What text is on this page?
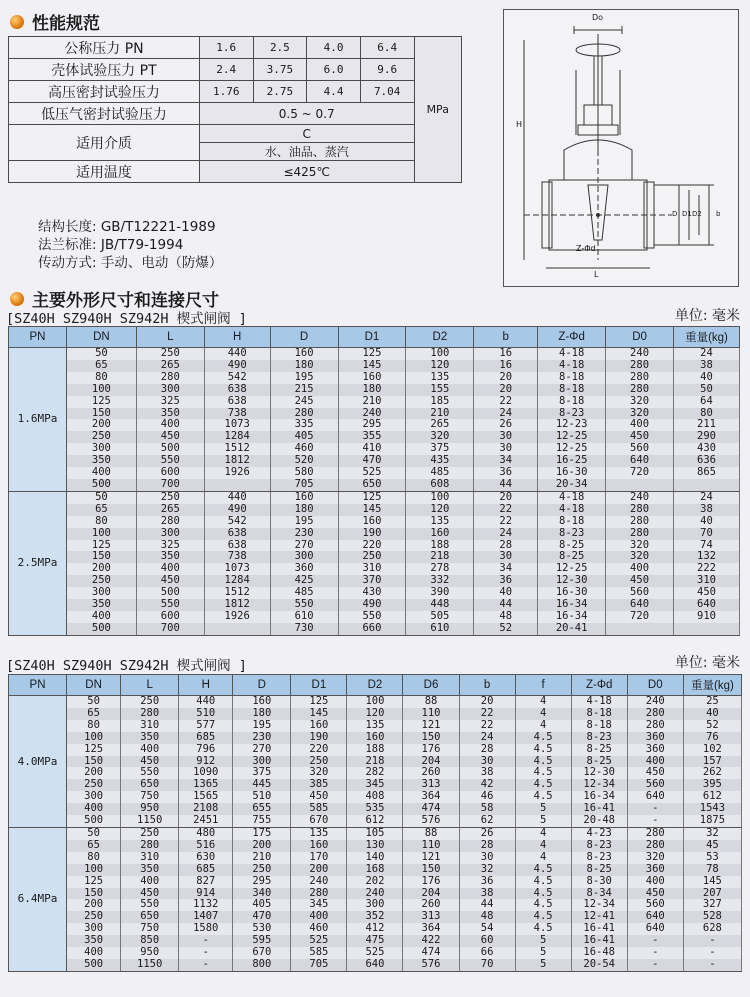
性能规范
公称压力 PN	1.6	2.5	4.0	6.4	MPa
壳体试验压力 PT	2.4	3.75	6.0	9.6	
高压密封试验压力	1.76	2.75	4.4	7.04	
低压气密封试验压力	0.5 ~ 0.7				
适用介质	C				
	水、油品、蒸汽				
适用温度	≤425℃				
结构长度: GB/T12221-1989
法兰标准: JB/T79-1994
传动方式: 手动、电动（防爆）
Do
H
Z-Φd
L
D D1 D2 b
主要外形尺寸和连接尺寸
[SZ40H SZ940H SZ942H 楔式闸阀 ]	单位: 毫米
PN	DN	L	H	D	D1	D2	b	Z-Φd	D0	重量(kg)
1.6MPa	50	250	440	160	125	100	16	4-18	240	24
	65	265	490	180	145	120	16	4-18	280	38
	80	280	542	195	160	135	20	8-18	280	40
	100	300	638	215	180	155	20	8-18	280	50
	125	325	638	245	210	185	22	8-18	320	64
	150	350	738	280	240	210	24	8-23	320	80
	200	400	1073	335	295	265	26	12-23	400	211
	250	450	1284	405	355	320	30	12-25	450	290
	300	500	1512	460	410	375	30	12-25	560	430
	350	550	1812	520	470	435	34	16-25	640	636
	400	600	1926	580	525	485	36	16-30	720	865
	500	700		705	650	608	44	20-34		
2.5MPa	50	250	440	160	125	100	20	4-18	240	24
	65	265	490	180	145	120	22	4-18	280	38
	80	280	542	195	160	135	22	8-18	280	40
	100	300	638	230	190	160	24	8-23	280	70
	125	325	638	270	220	188	28	8-25	320	74
	150	350	738	300	250	218	30	8-25	320	132
	200	400	1073	360	310	278	34	12-25	400	222
	250	450	1284	425	370	332	36	12-30	450	310
	300	500	1512	485	430	390	40	16-30	560	450
	350	550	1812	550	490	448	44	16-34	640	640
	400	600	1926	610	550	505	48	16-34	720	910
	500	700		730	660	610	52	20-41		
[SZ40H SZ940H SZ942H 楔式闸阀 ]	单位: 毫米
PN	DN	L	H	D	D1	D2	D6	b	f	Z-Φd	D0	重量(kg)
4.0MPa	50	250	440	160	125	100	88	20	4	4-18	240	25
	65	280	510	180	145	120	110	22	4	8-18	280	40
	80	310	577	195	160	135	121	22	4	8-18	280	52
	100	350	685	230	190	160	150	24	4.5	8-23	360	76
	125	400	796	270	220	188	176	28	4.5	8-25	360	102
	150	450	912	300	250	218	204	30	4.5	8-25	400	157
	200	550	1090	375	320	282	260	38	4.5	12-30	450	262
	250	650	1365	445	385	345	313	42	4.5	12-34	560	395
	300	750	1565	510	450	408	364	46	4.5	16-34	640	612
	400	950	2108	655	585	535	474	58	5	16-41	-	1543
	500	1150	2451	755	670	612	576	62	5	20-48	-	1875
6.4MPa	50	250	480	175	135	105	88	26	4	4-23	280	32
	65	280	516	200	160	130	110	28	4	8-23	280	45
	80	310	630	210	170	140	121	30	4	8-23	320	53
	100	350	685	250	200	168	150	32	4.5	8-25	360	78
	125	400	827	295	240	202	176	36	4.5	8-30	400	145
	150	450	914	340	280	240	204	38	4.5	8-34	450	207
	200	550	1132	405	345	300	260	44	4.5	12-34	560	327
	250	650	1407	470	400	352	313	48	4.5	12-41	640	528
	300	750	1580	530	460	412	364	54	4.5	16-41	640	628
	350	850	-	595	525	475	422	60	5	16-41	-	-
	400	950	-	670	585	525	474	66	5	16-48	-	-
	500	1150	-	800	705	640	576	70	5	20-54	-	-
